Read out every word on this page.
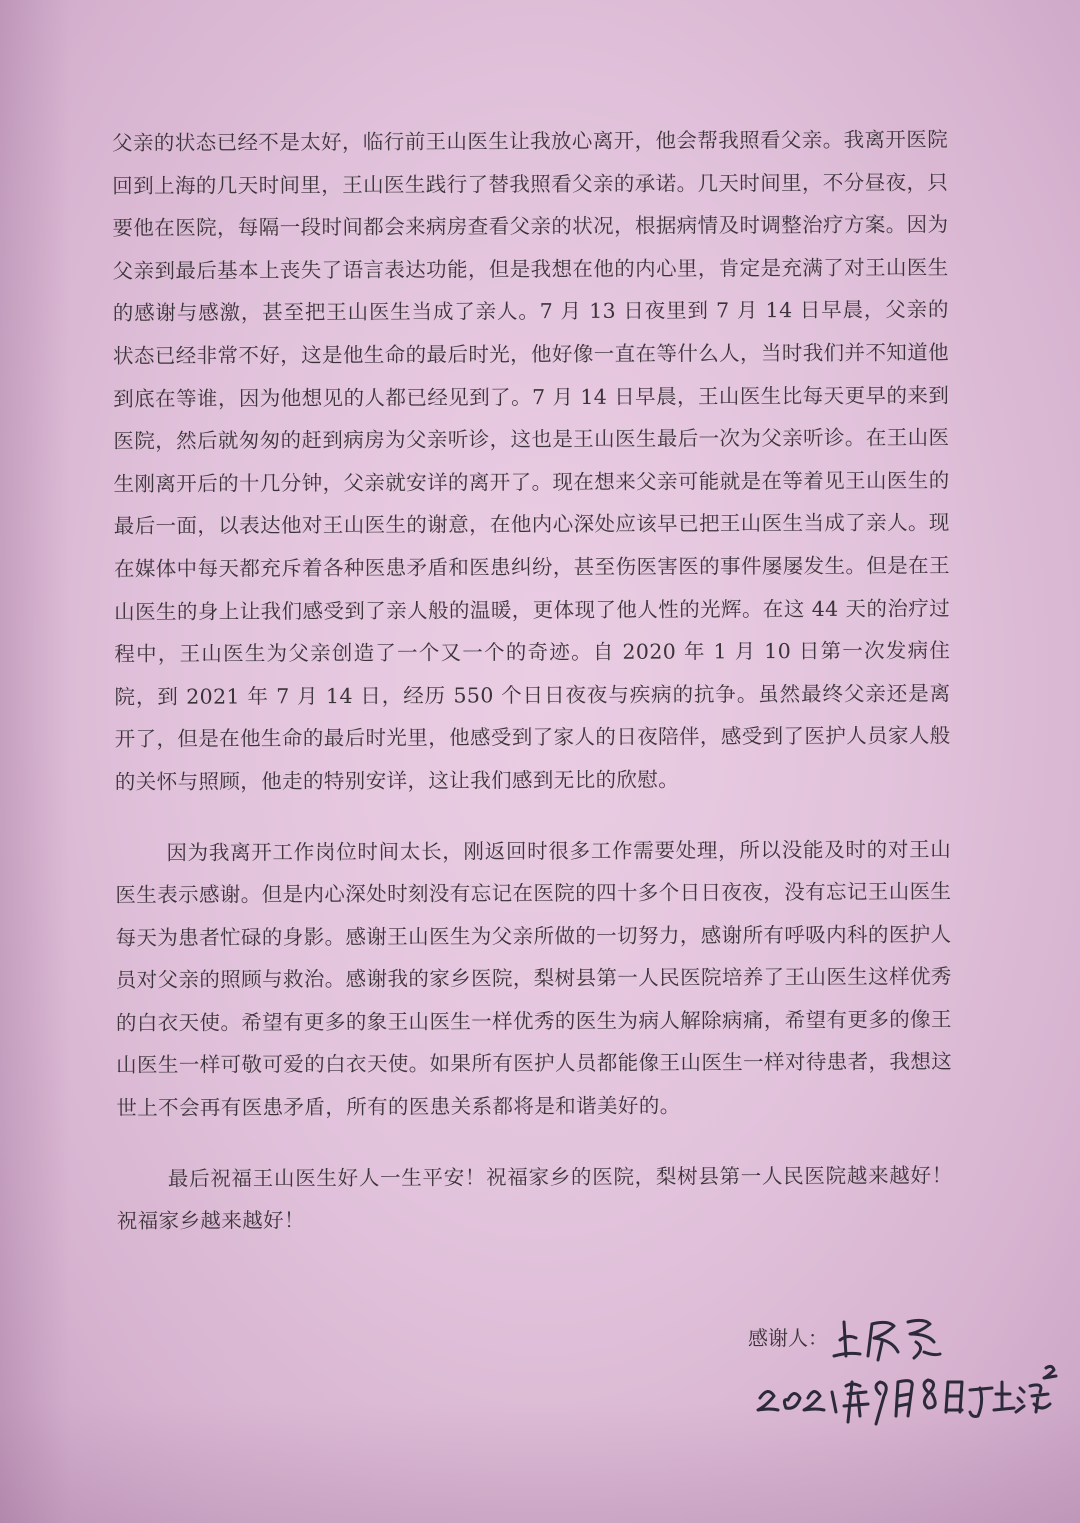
父亲的状态已经不是太好，临行前王山医生让我放心离开，他会帮我照看父亲。我离开医院回到上海的几天时间里，王山医生践行了替我照看父亲的承诺。几天时间里，不分昼夜，只要他在医院，每隔一段时间都会来病房查看父亲的状况，根据病情及时调整治疗方案。因为父亲到最后基本上丧失了语言表达功能，但是我想在他的内心里，肯定是充满了对王山医生的感谢与感激，甚至把王山医生当成了亲人。7 月 13 日夜里到 7 月 14 日早晨，父亲的状态已经非常不好，这是他生命的最后时光，他好像一直在等什么人，当时我们并不知道他到底在等谁，因为他想见的人都已经见到了。7 月 14 日早晨，王山医生比每天更早的来到医院，然后就匆匆的赶到病房为父亲听诊，这也是王山医生最后一次为父亲听诊。在王山医生刚离开后的十几分钟，父亲就安详的离开了。现在想来父亲可能就是在等着见王山医生的最后一面，以表达他对王山医生的谢意，在他内心深处应该早已把王山医生当成了亲人。现在媒体中每天都充斥着各种医患矛盾和医患纠纷，甚至伤医害医的事件屡屡发生。但是在王山医生的身上让我们感受到了亲人般的温暖，更体现了他人性的光辉。在这 44 天的治疗过程中，王山医生为父亲创造了一个又一个的奇迹。自 2020 年 1 月 10 日第一次发病住院，到 2021 年 7 月 14 日，经历 550 个日日夜夜与疾病的抗争。虽然最终父亲还是离开了，但是在他生命的最后时光里，他感受到了家人的日夜陪伴，感受到了医护人员家人般的关怀与照顾，他走的特别安详，这让我们感到无比的欣慰。

因为我离开工作岗位时间太长，刚返回时很多工作需要处理，所以没能及时的对王山医生表示感谢。但是内心深处时刻没有忘记在医院的四十多个日日夜夜，没有忘记王山医生每天为患者忙碌的身影。感谢王山医生为父亲所做的一切努力，感谢所有呼吸内科的医护人员对父亲的照顾与救治。感谢我的家乡医院，梨树县第一人民医院培养了王山医生这样优秀的白衣天使。希望有更多的象王山医生一样优秀的医生为病人解除病痛，希望有更多的像王山医生一样可敬可爱的白衣天使。如果所有医护人员都能像王山医生一样对待患者，我想这世上不会再有医患矛盾，所有的医患关系都将是和谐美好的。

最后祝福王山医生好人一生平安！祝福家乡的医院，梨树县第一人民医院越来越好！祝福家乡越来越好！

感谢人：
